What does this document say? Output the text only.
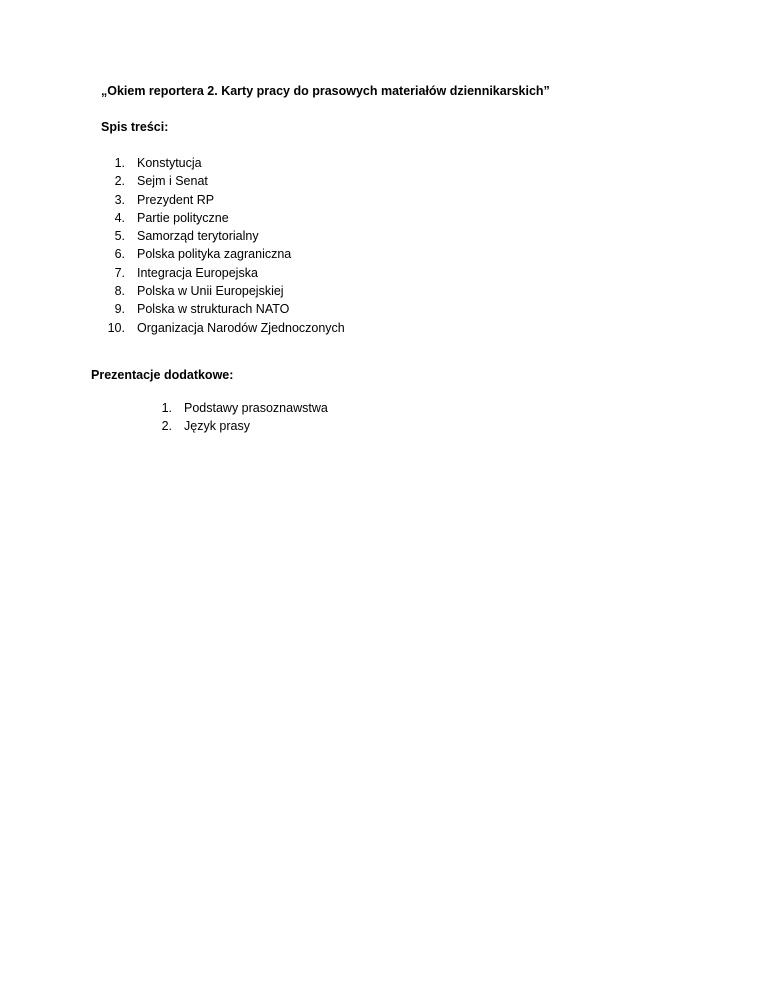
„Okiem reportera 2. Karty pracy do prasowych materiałów dziennikarskich”

Spis treści:

1. Konstytucja
2. Sejm i Senat
3. Prezydent RP
4. Partie polityczne
5. Samorząd terytorialny
6. Polska polityka zagraniczna
7. Integracja Europejska
8. Polska w Unii Europejskiej
9. Polska w strukturach NATO
10. Organizacja Narodów Zjednoczonych

Prezentacje dodatkowe:

1. Podstawy prasoznawstwa
2. Język prasy
